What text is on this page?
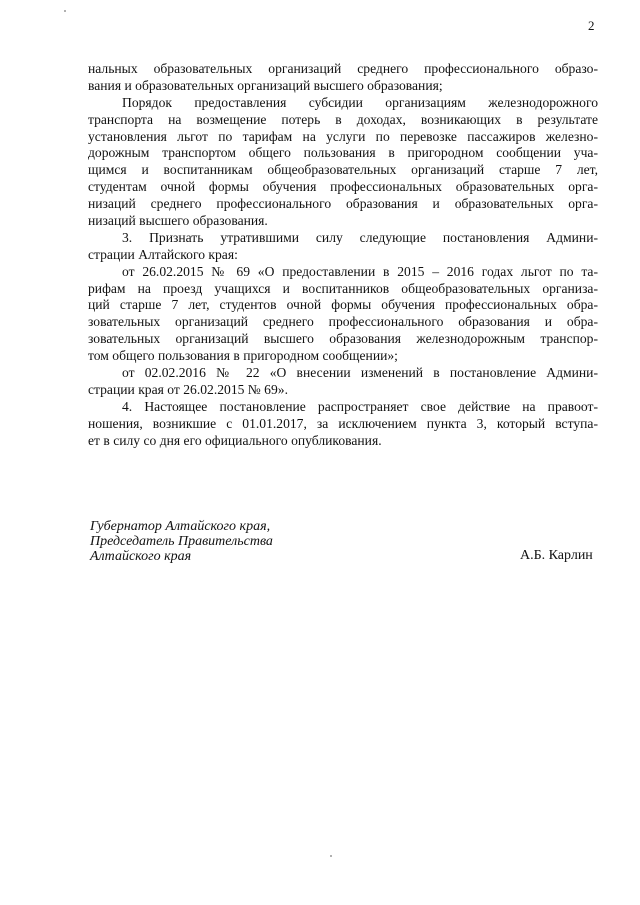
2
нальных образовательных организаций среднего профессионального образо-
вания и образовательных организаций высшего образования;
Порядок предоставления субсидии организациям железнодорожного
транспорта на возмещение потерь в доходах, возникающих в результате
установления льгот по тарифам на услуги по перевозке пассажиров железно-
дорожным транспортом общего пользования в пригородном сообщении уча-
щимся и воспитанникам общеобразовательных организаций старше 7 лет,
студентам очной формы обучения профессиональных образовательных орга-
низаций среднего профессионального образования и образовательных орга-
низаций высшего образования.
3. Признать утратившими силу следующие постановления Админи-
страции Алтайского края:
от 26.02.2015 № 69 «О предоставлении в 2015 – 2016 годах льгот по та-
рифам на проезд учащихся и воспитанников общеобразовательных организа-
ций старше 7 лет, студентов очной формы обучения профессиональных обра-
зовательных организаций среднего профессионального образования и обра-
зовательных организаций высшего образования железнодорожным транспор-
том общего пользования в пригородном сообщении»;
от 02.02.2016 № 22 «О внесении изменений в постановление Админи-
страции края от 26.02.2015 № 69».
4. Настоящее постановление распространяет свое действие на правоот-
ношения, возникшие с 01.01.2017, за исключением пункта 3, который вступа-
ет в силу со дня его официального опубликования.
Губернатор Алтайского края,
Председатель Правительства
Алтайского края	А.Б. Карлин
